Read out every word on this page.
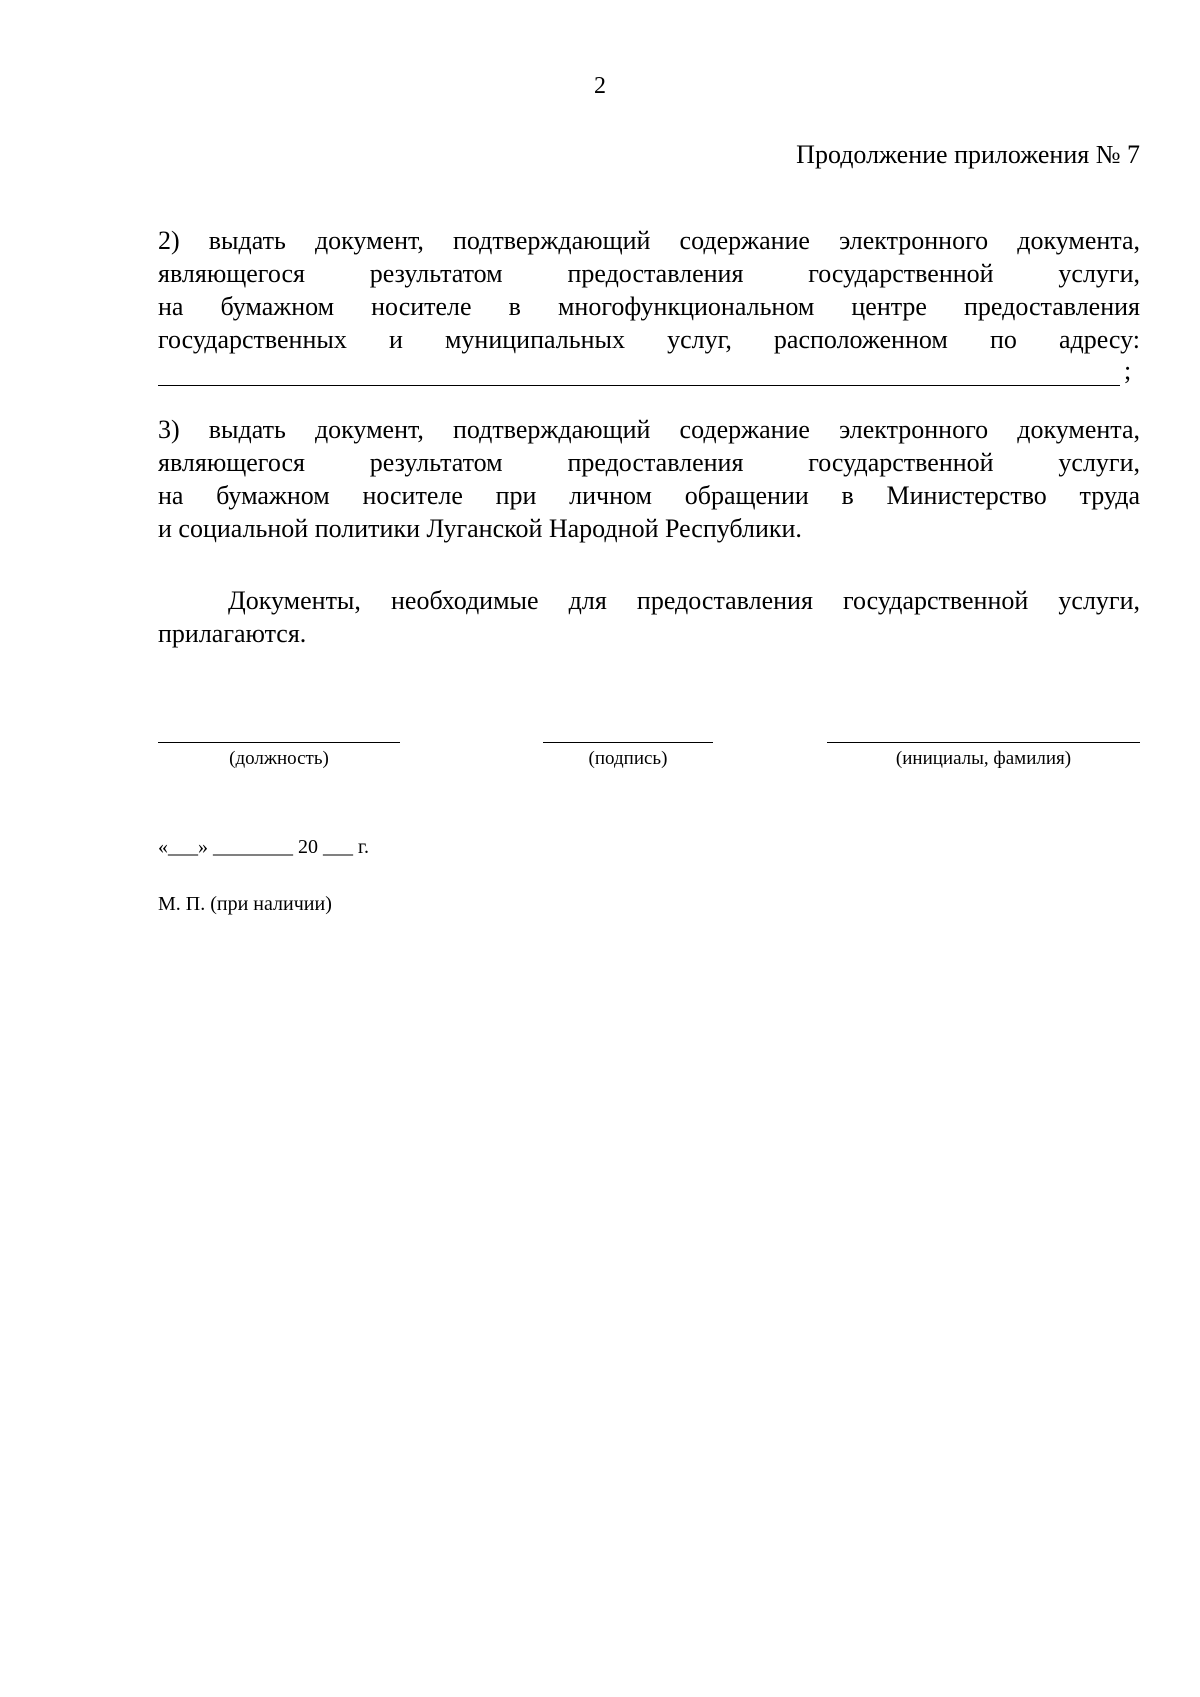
2
Продолжение приложения № 7
2) выдать документ, подтверждающий содержание электронного документа,
являющегося результатом предоставления государственной услуги,
на бумажном носителе в многофункциональном центре предоставления
государственных и муниципальных услуг, расположенном по адресу:
;
3) выдать документ, подтверждающий содержание электронного документа,
являющегося результатом предоставления государственной услуги,
на бумажном носителе при личном обращении в Министерство труда
и социальной политики Луганской Народной Республики.
Документы, необходимые для предоставления государственной услуги,
прилагаются.
(должность)	(подпись)	(инициалы, фамилия)
«___» ________ 20 ___ г.
М. П. (при наличии)
